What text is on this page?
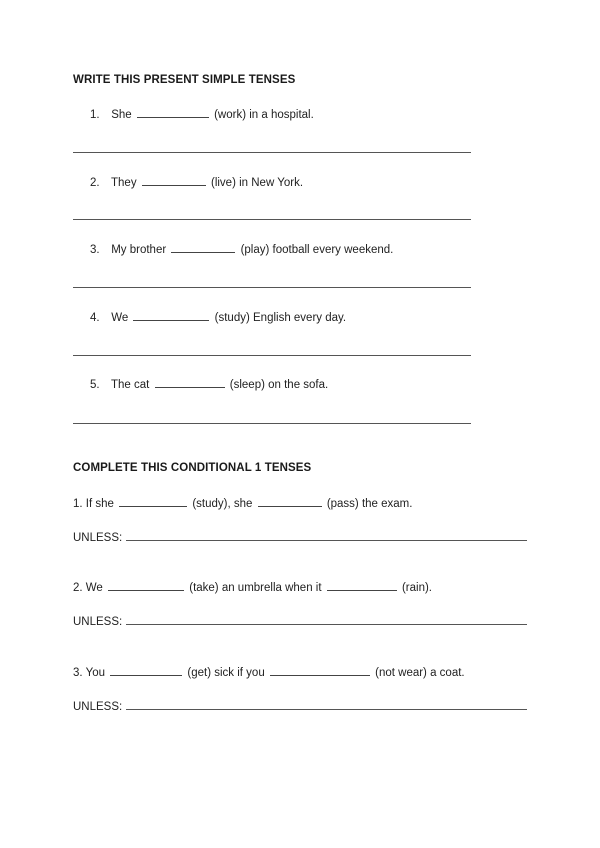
WRITE THIS PRESENT SIMPLE TENSES
1. She	(work) in a hospital.
2. They	(live) in New York.
3. My brother	(play) football every weekend.
4. We	(study) English every day.
5. The cat	(sleep) on the sofa.
COMPLETE THIS CONDITIONAL 1 TENSES
1. If she	(study), she	(pass) the exam.
UNLESS:
2. We	(take) an umbrella when it	(rain).
UNLESS:
3. You	(get) sick if you	(not wear) a coat.
UNLESS:
